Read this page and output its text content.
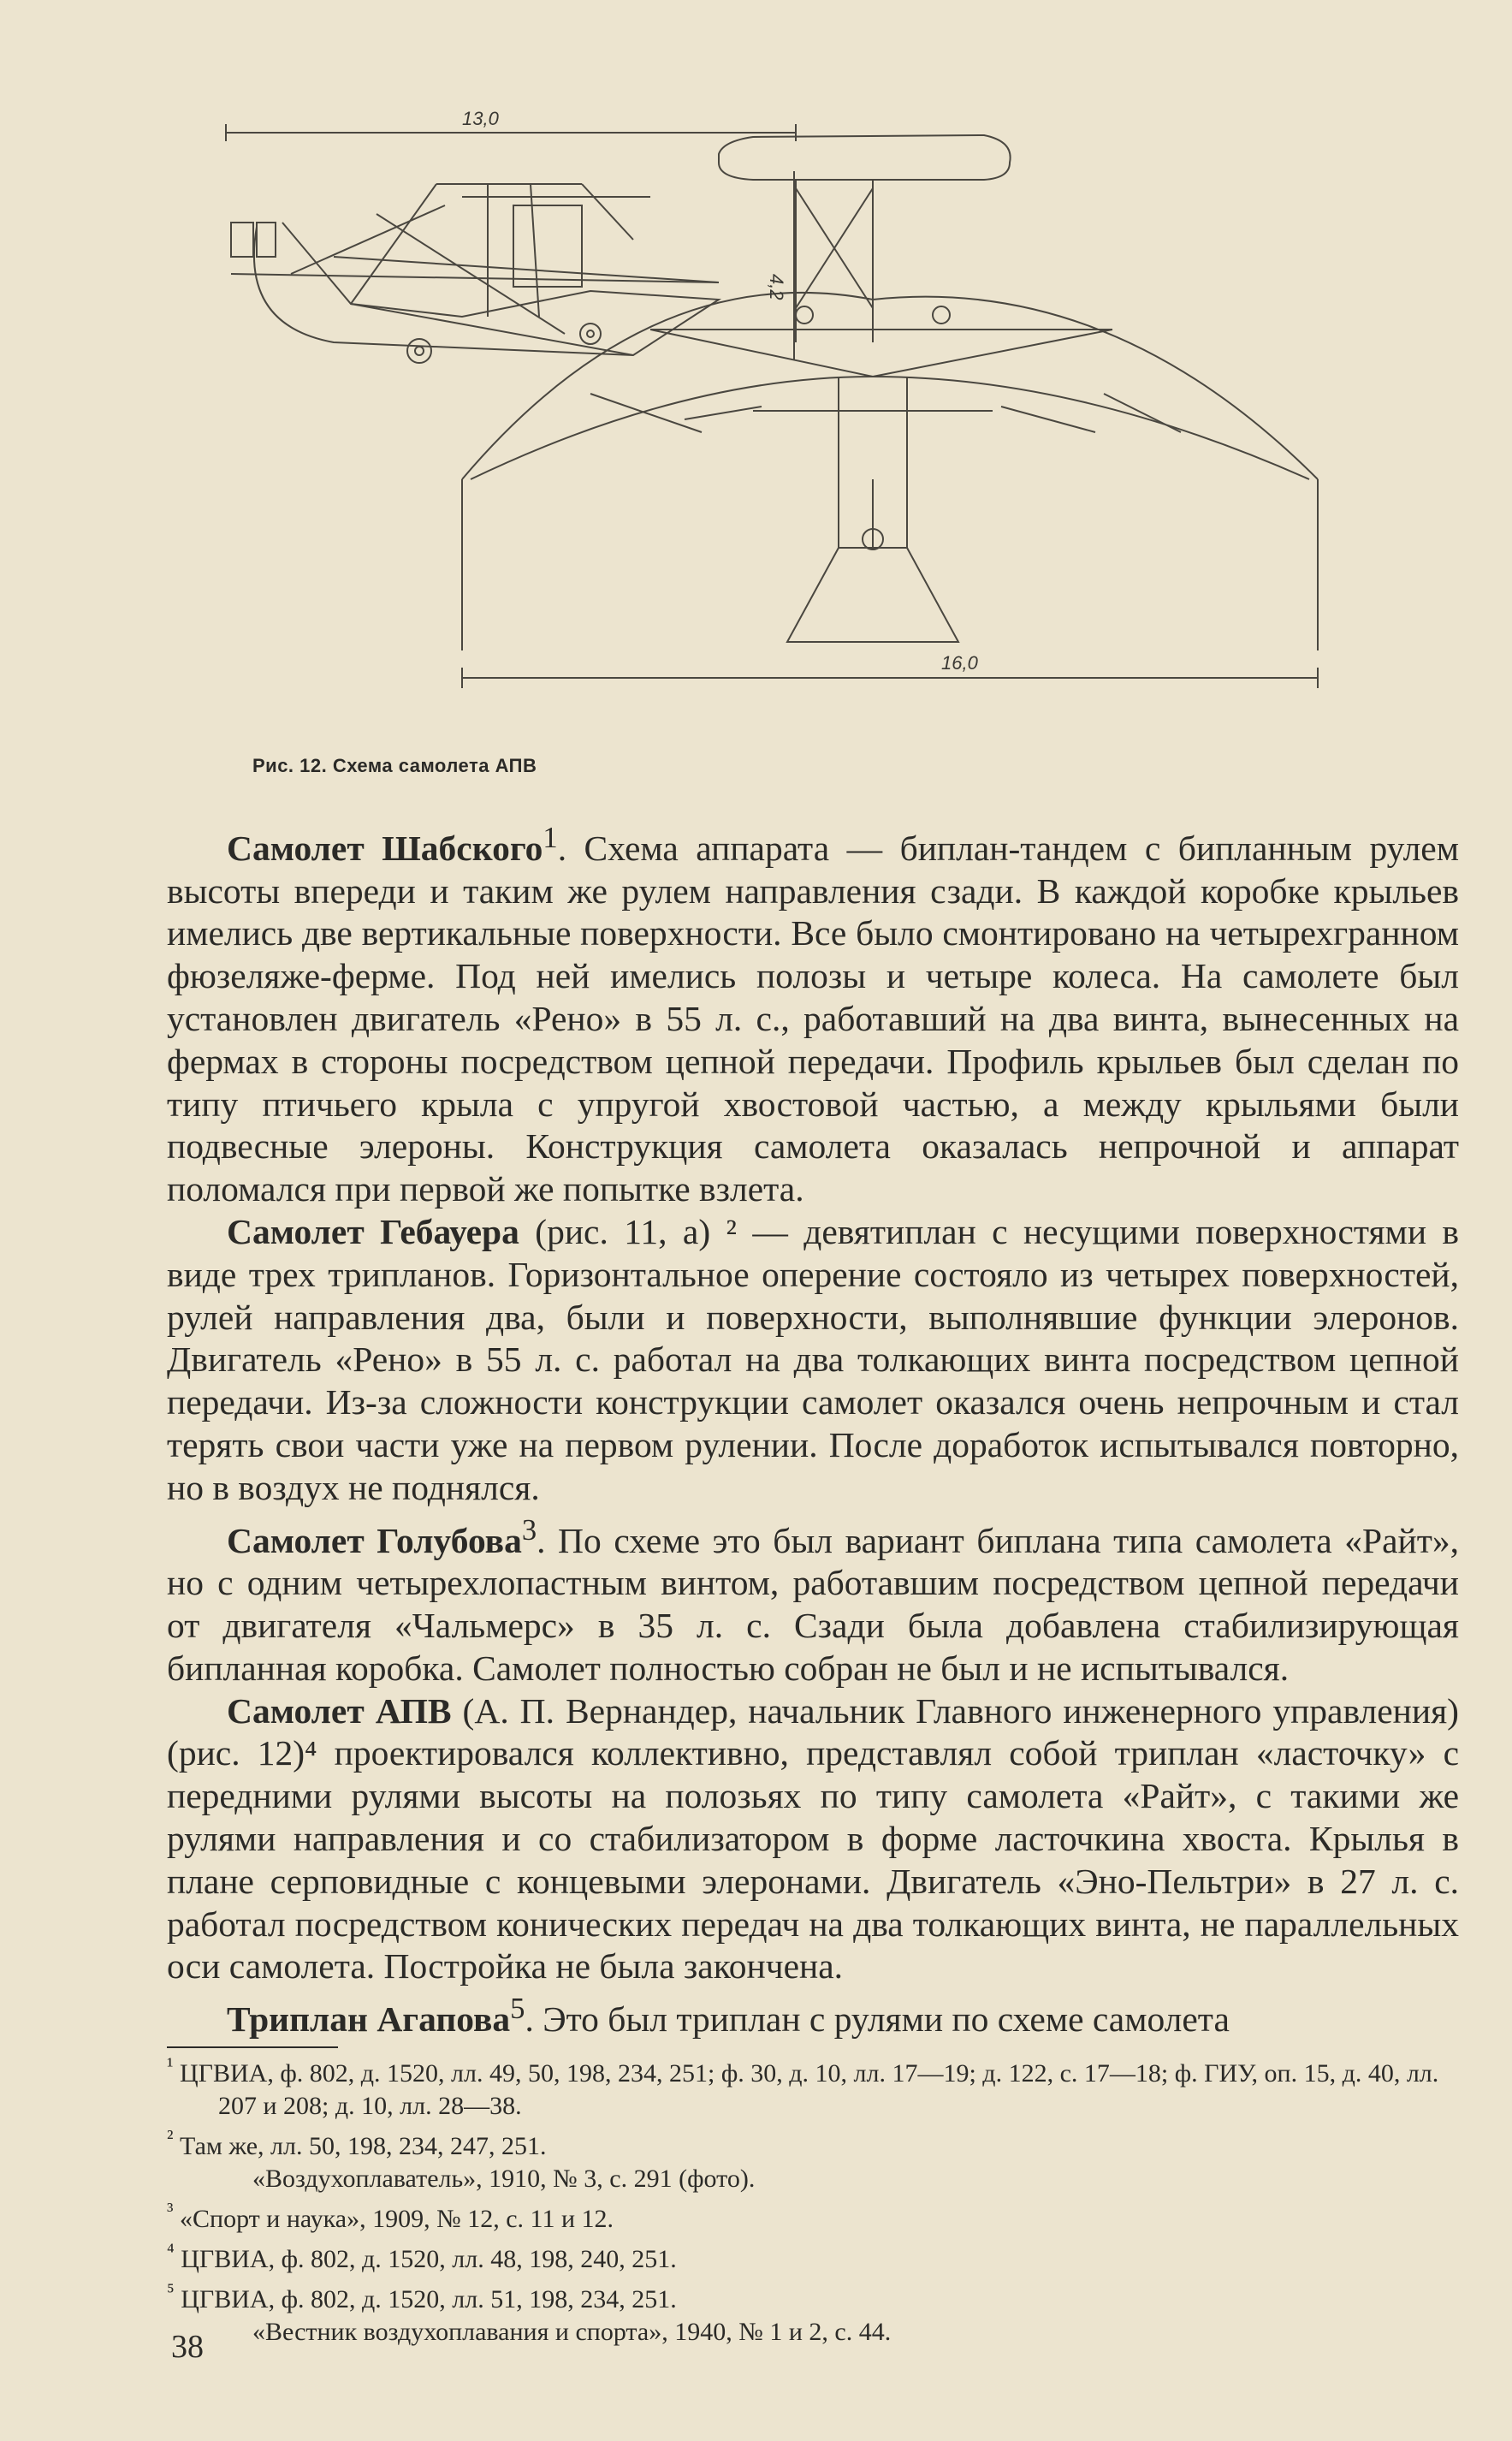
13,0
4,2
16,0
Рис. 12. Схема самолета АПВ

Самолет Шабского$^1$. Схема аппарата — биплан-тандем с бипланным рулем высоты впереди и таким же рулем направления сзади. В каждой коробке крыльев имелись две вертикальные поверхности. Все было смонтировано на четырехгранном фюзеляже-ферме. Под ней имелись полозы и четыре колеса. На самолете был установлен двигатель «Рено» в 55 л. с., работавший на два винта, вынесенных на фермах в стороны посредством цепной передачи. Профиль крыльев был сделан по типу птичьего крыла с упругой хвостовой частью, а между крыльями были подвесные элероны. Конструкция самолета оказалась непрочной и аппарат поломался при первой же попытке взлета.

Самолет Гебауера (рис. 11, а) ² — девятиплан с несущими поверхностями в виде трех трипланов. Горизонтальное оперение состояло из четырех поверхностей, рулей направления два, были и поверхности, выполнявшие функции элеронов. Двигатель «Рено» в 55 л. с. работал на два толкающих винта посредством цепной передачи. Из-за сложности конструкции самолет оказался очень непрочным и стал терять свои части уже на первом рулении. После доработок испытывался повторно, но в воздух не поднялся.

Самолет Голубова$^3$. По схеме это был вариант биплана типа самолета «Райт», но с одним четырехлопастным винтом, работавшим посредством цепной передачи от двигателя «Чальмерс» в 35 л. с. Сзади была добавлена стабилизирующая бипланная коробка. Самолет полностью собран не был и не испытывался.

Самолет АПВ (А. П. Вернандер, начальник Главного инженерного управления) (рис. 12)⁴ проектировался коллективно, представлял собой триплан «ласточку» с передними рулями высоты на полозьях по типу самолета «Райт», с такими же рулями направления и со стабилизатором в форме ласточкина хвоста. Крылья в плане серповидные с концевыми элеронами. Двигатель «Эно-Пельтри» в 27 л. с. работал посредством конических передач на два толкающих винта, не параллельных оси самолета. Постройка не была закончена.

Триплан Агапова$^5$. Это был триплан с рулями по схеме самолета

$^{^1}$ ЦГВИА, ф. 802, д. 1520, лл. 49, 50, 198, 234, 251; ф. 30, д. 10, лл. 17—19; д. 122, с. 17—18; ф. ГИУ, оп. 15, д. 40, лл. 207 и 208; д. 10, лл. 28—38.

$^{^2}$ Там же, лл. 50, 198, 234, 247, 251.

«Воздухоплаватель», 1910, № 3, с. 291 (фото).

$^{^3}$ «Спорт и наука», 1909, № 12, с. 11 и 12.

$^{^4}$ ЦГВИА, ф. 802, д. 1520, лл. 48, 198, 240, 251.

$^{^5}$ ЦГВИА, ф. 802, д. 1520, лл. 51, 198, 234, 251.

«Вестник воздухоплавания и спорта», 1940, № 1 и 2, с. 44.

38
